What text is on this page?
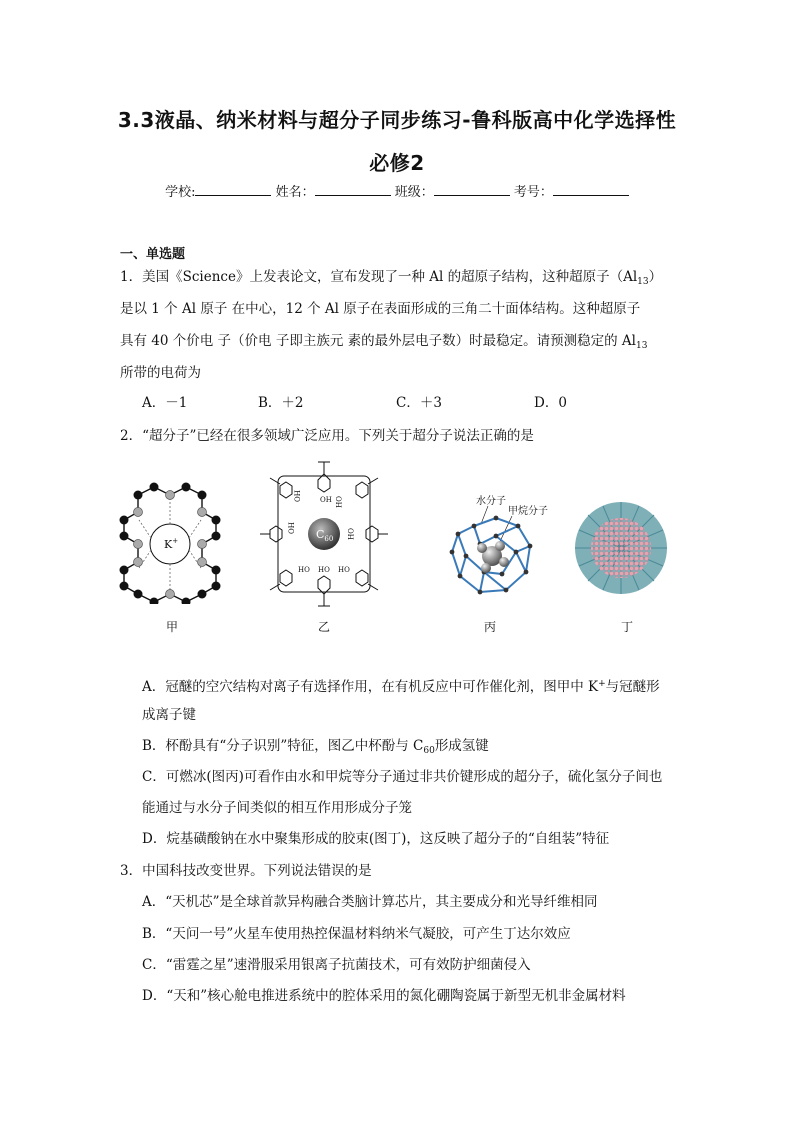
3.3液晶、纳米材料与超分子同步练习-鲁科版高中化学选择性
必修2
学校:	姓名：	班级：	考号：
一、单选题
1．美国《Science》上发表论文，宣布发现了一种 Al 的超原子结构，这种超原子$(Al_{13})$
是以 1 个 Al 原子 在中心，12 个 Al 原子在表面形成的三角二十面体结构。这种超原子
具有 40 个价电 子（价电 子即主族元 素的最外层电子数）时最稳定。请预测稳定的 $Al_{13}$
所带的电荷为
A．－1	B．＋2	C．＋3	D．0
2．“超分子”已经在很多领域广泛应用。下列关于超分子说法正确的是
K+
OH	OH OH
OH	OH
HO HO HO
$C_{60}$
水分子
甲烷分子
甲	乙	丙	丁
A．冠醚的空穴结构对离子有选择作用，在有机反应中可作催化剂，图甲中 K+与冠醚形
成离子键
B．杯酚具有“分子识别”特征，图乙中杯酚与 $C_{60}$形成氢键
C．可燃冰(图丙)可看作由水和甲烷等分子通过非共价键形成的超分子，硫化氢分子间也
能通过与水分子间类似的相互作用形成分子笼
D．烷基磺酸钠在水中聚集形成的胶束(图丁)，这反映了超分子的“自组装”特征
3．中国科技改变世界。下列说法错误的是
A．“天机芯”是全球首款异构融合类脑计算芯片，其主要成分和光导纤维相同
B．“天问一号”火星车使用热控保温材料纳米气凝胶，可产生丁达尔效应
C．“雷霆之星”速滑服采用银离子抗菌技术，可有效防护细菌侵入
D．“天和”核心舱电推进系统中的腔体采用的氮化硼陶瓷属于新型无机非金属材料
